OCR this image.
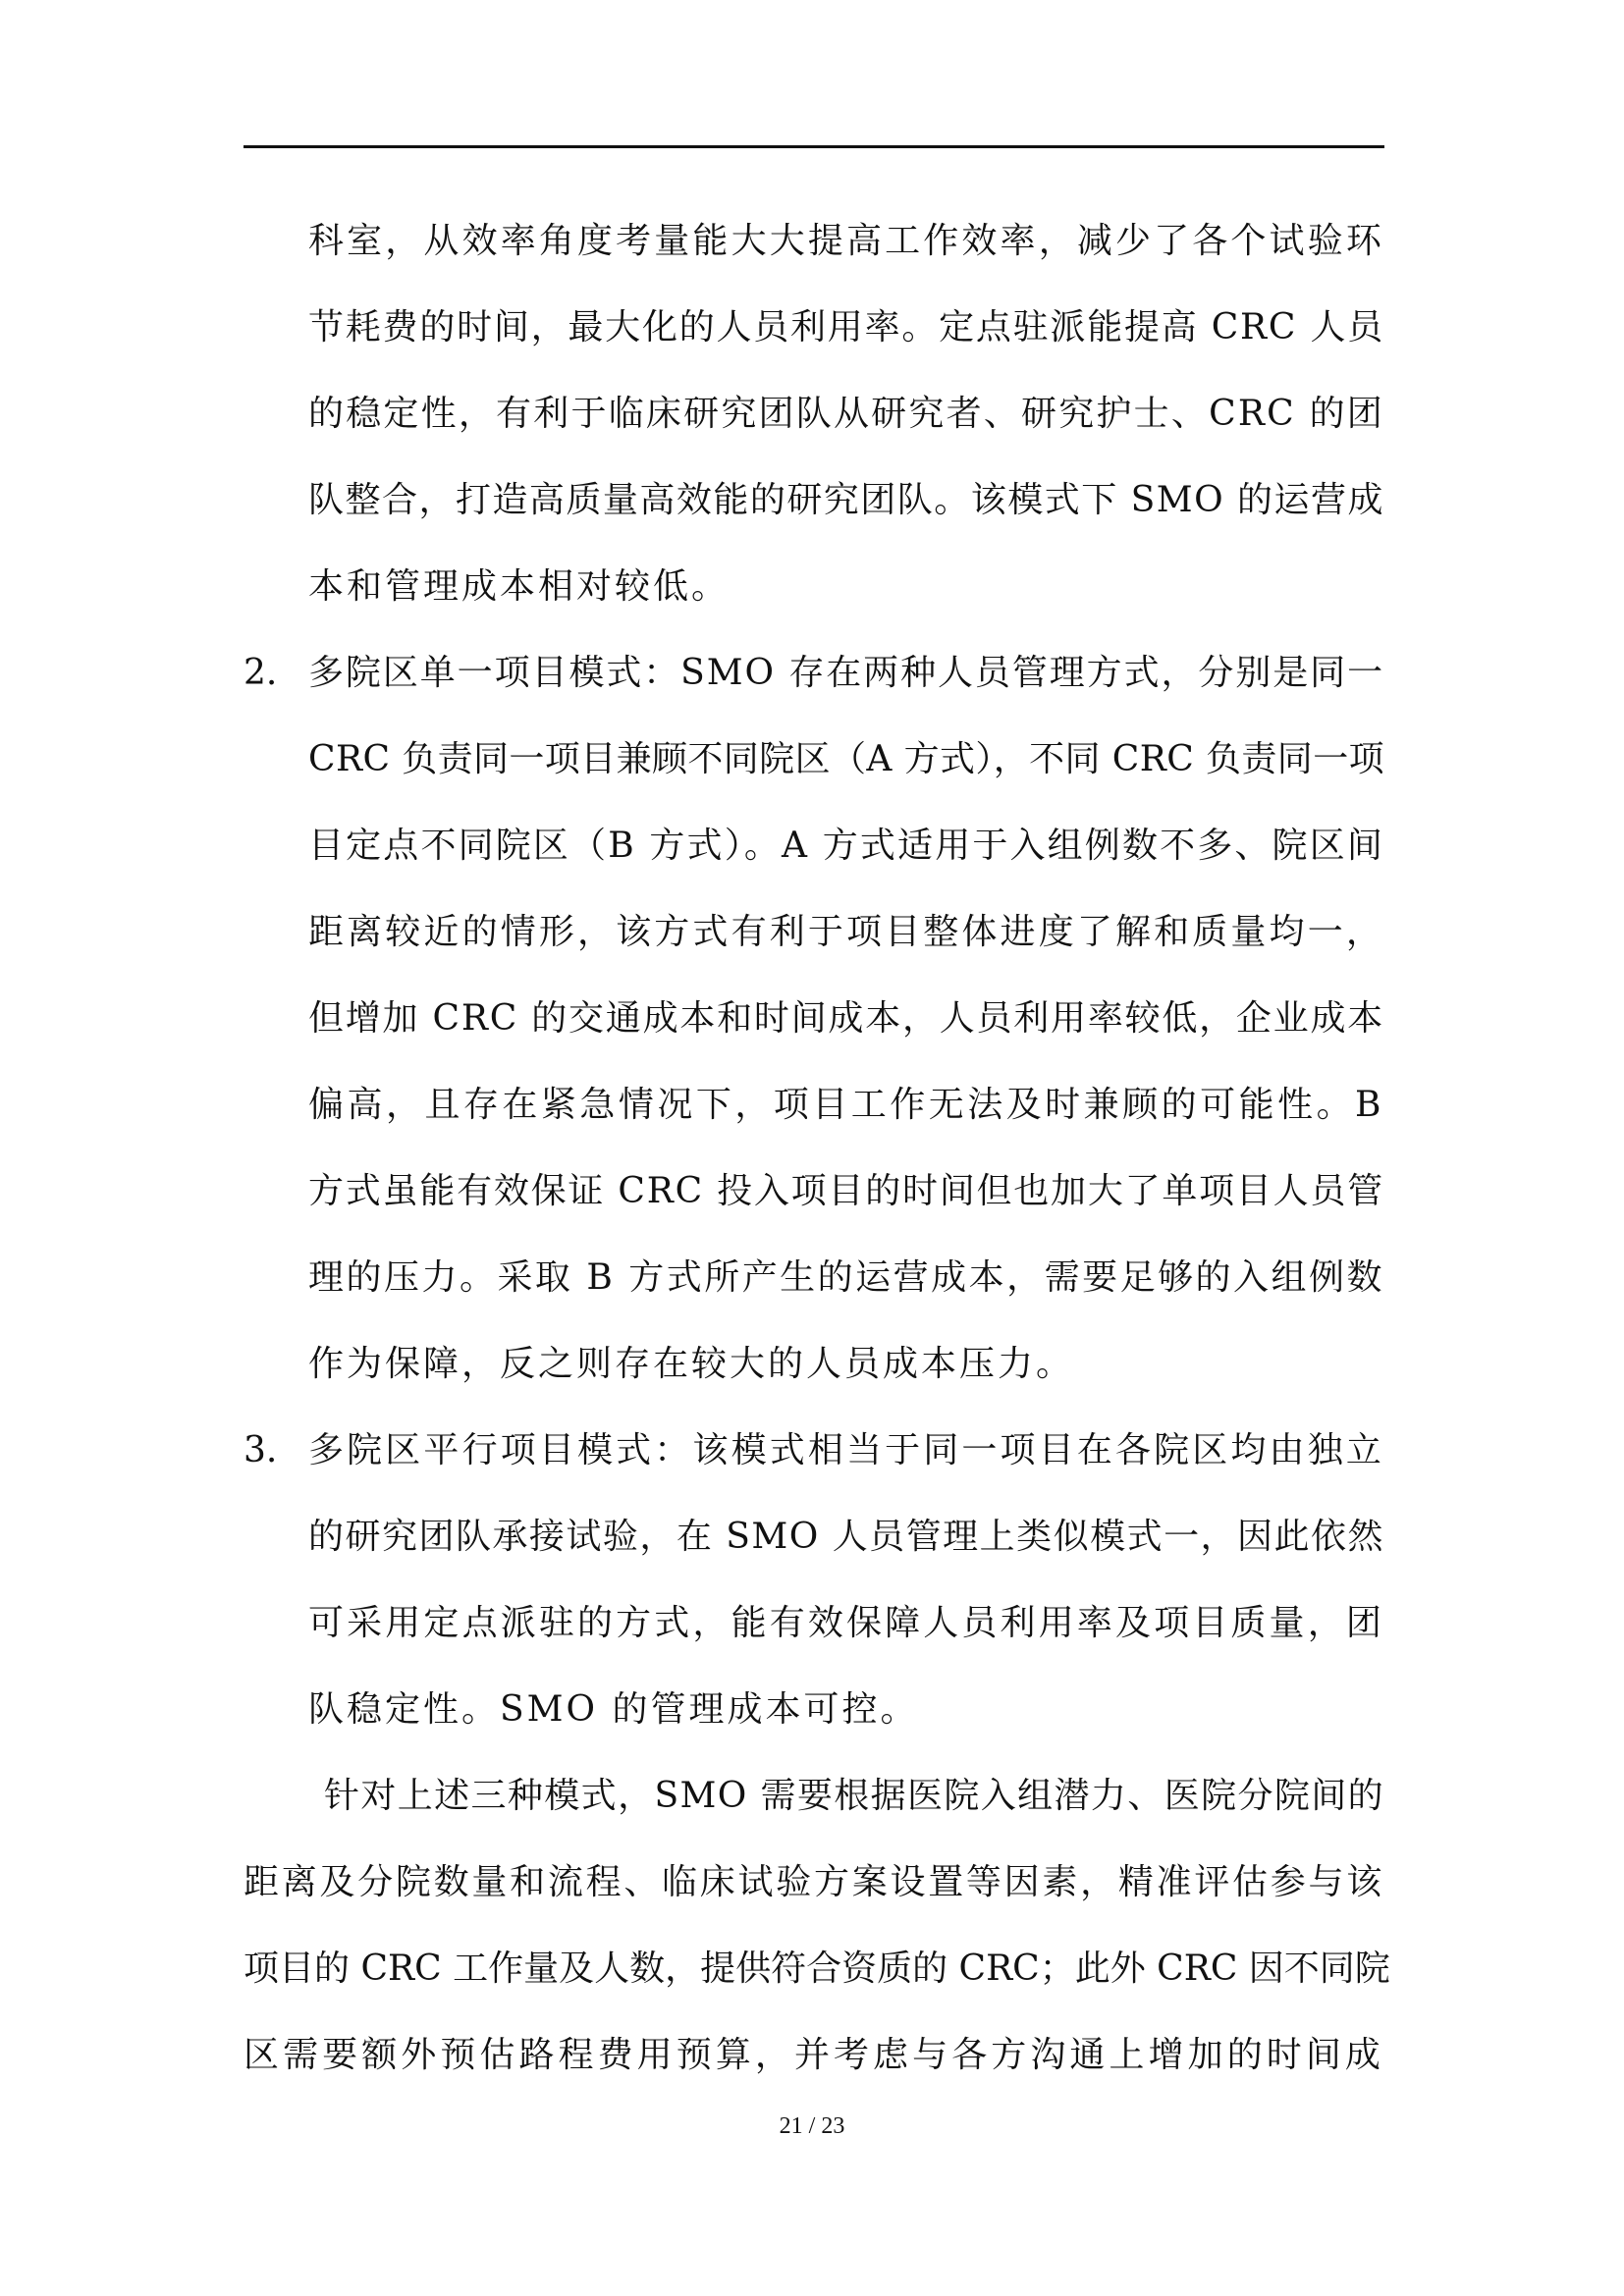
科室，从效率角度考量能大大提高工作效率，减少了各个试验环
节耗费的时间，最大化的人员利用率。定点驻派能提高 CRC 人员
的稳定性，有利于临床研究团队从研究者、研究护士、CRC 的团
队整合，打造高质量高效能的研究团队。该模式下 SMO 的运营成
本和管理成本相对较低。
2. 多院区单一项目模式：SMO 存在两种人员管理方式，分别是同一
CRC 负责同一项目兼顾不同院区（A 方式），不同 CRC 负责同一项
目定点不同院区（B 方式）。A 方式适用于入组例数不多、院区间
距离较近的情形，该方式有利于项目整体进度了解和质量均一，
但增加 CRC 的交通成本和时间成本，人员利用率较低，企业成本
偏高，且存在紧急情况下，项目工作无法及时兼顾的可能性。B
方式虽能有效保证 CRC 投入项目的时间但也加大了单项目人员管
理的压力。采取 B 方式所产生的运营成本，需要足够的入组例数
作为保障，反之则存在较大的人员成本压力。
3. 多院区平行项目模式：该模式相当于同一项目在各院区均由独立
的研究团队承接试验，在 SMO 人员管理上类似模式一，因此依然
可采用定点派驻的方式，能有效保障人员利用率及项目质量，团
队稳定性。SMO 的管理成本可控。
针对上述三种模式，SMO 需要根据医院入组潜力、医院分院间的
距离及分院数量和流程、临床试验方案设置等因素，精准评估参与该
项目的 CRC 工作量及人数，提供符合资质的 CRC；此外 CRC 因不同院
区需要额外预估路程费用预算，并考虑与各方沟通上增加的时间成
21 / 23
